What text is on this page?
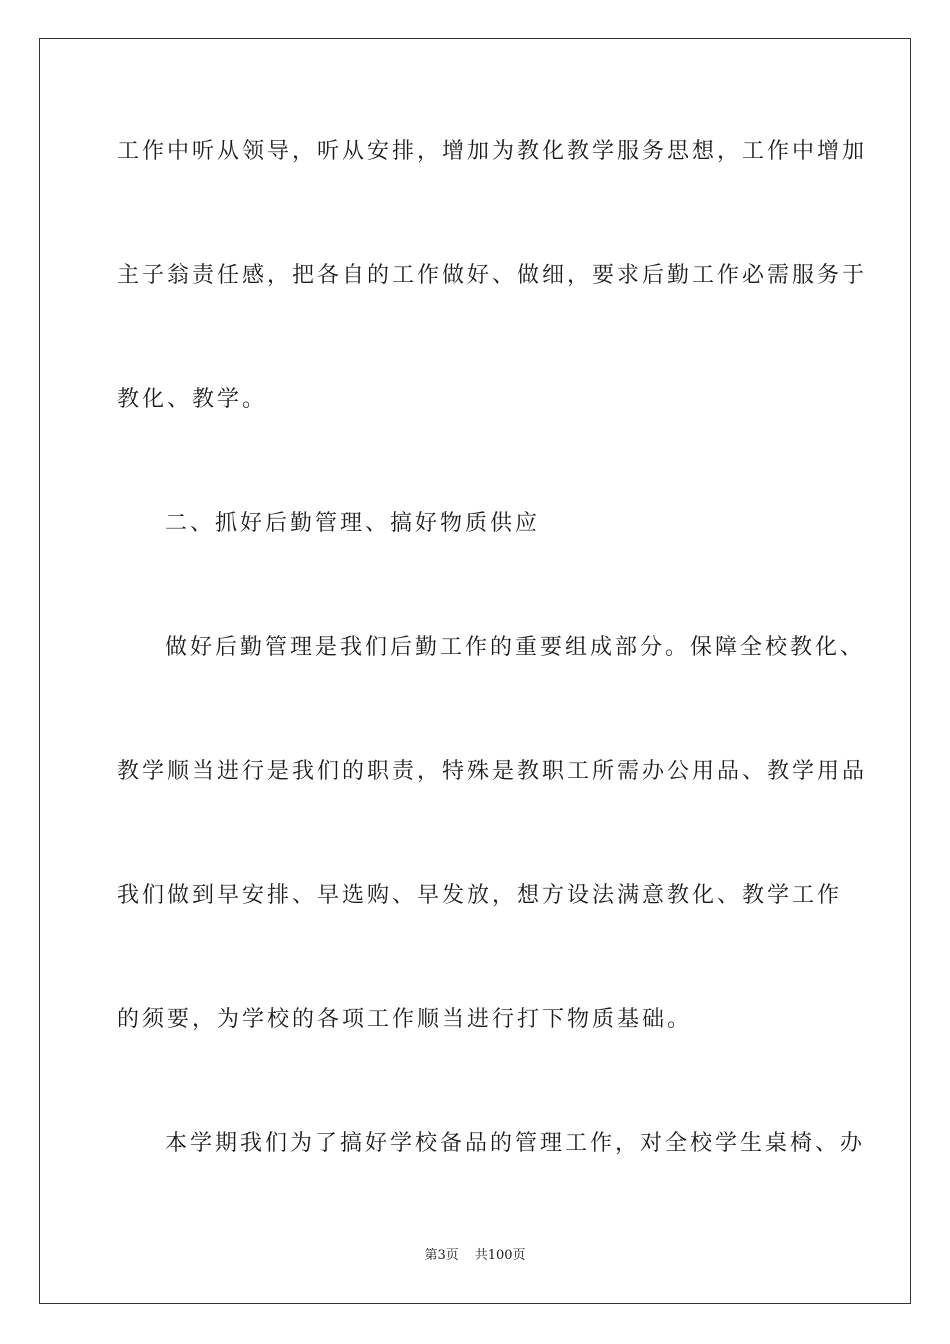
工作中听从领导，听从安排，增加为教化教学服务思想，工作中增加
主子翁责任感，把各自的工作做好、做细，要求后勤工作必需服务于
教化、教学。
二、抓好后勤管理、搞好物质供应
做好后勤管理是我们后勤工作的重要组成部分。保障全校教化、
教学顺当进行是我们的职责，特殊是教职工所需办公用品、教学用品
我们做到早安排、早选购、早发放，想方设法满意教化、教学工作
的须要，为学校的各项工作顺当进行打下物质基础。
本学期我们为了搞好学校备品的管理工作，对全校学生桌椅、办
第3页 共100页
